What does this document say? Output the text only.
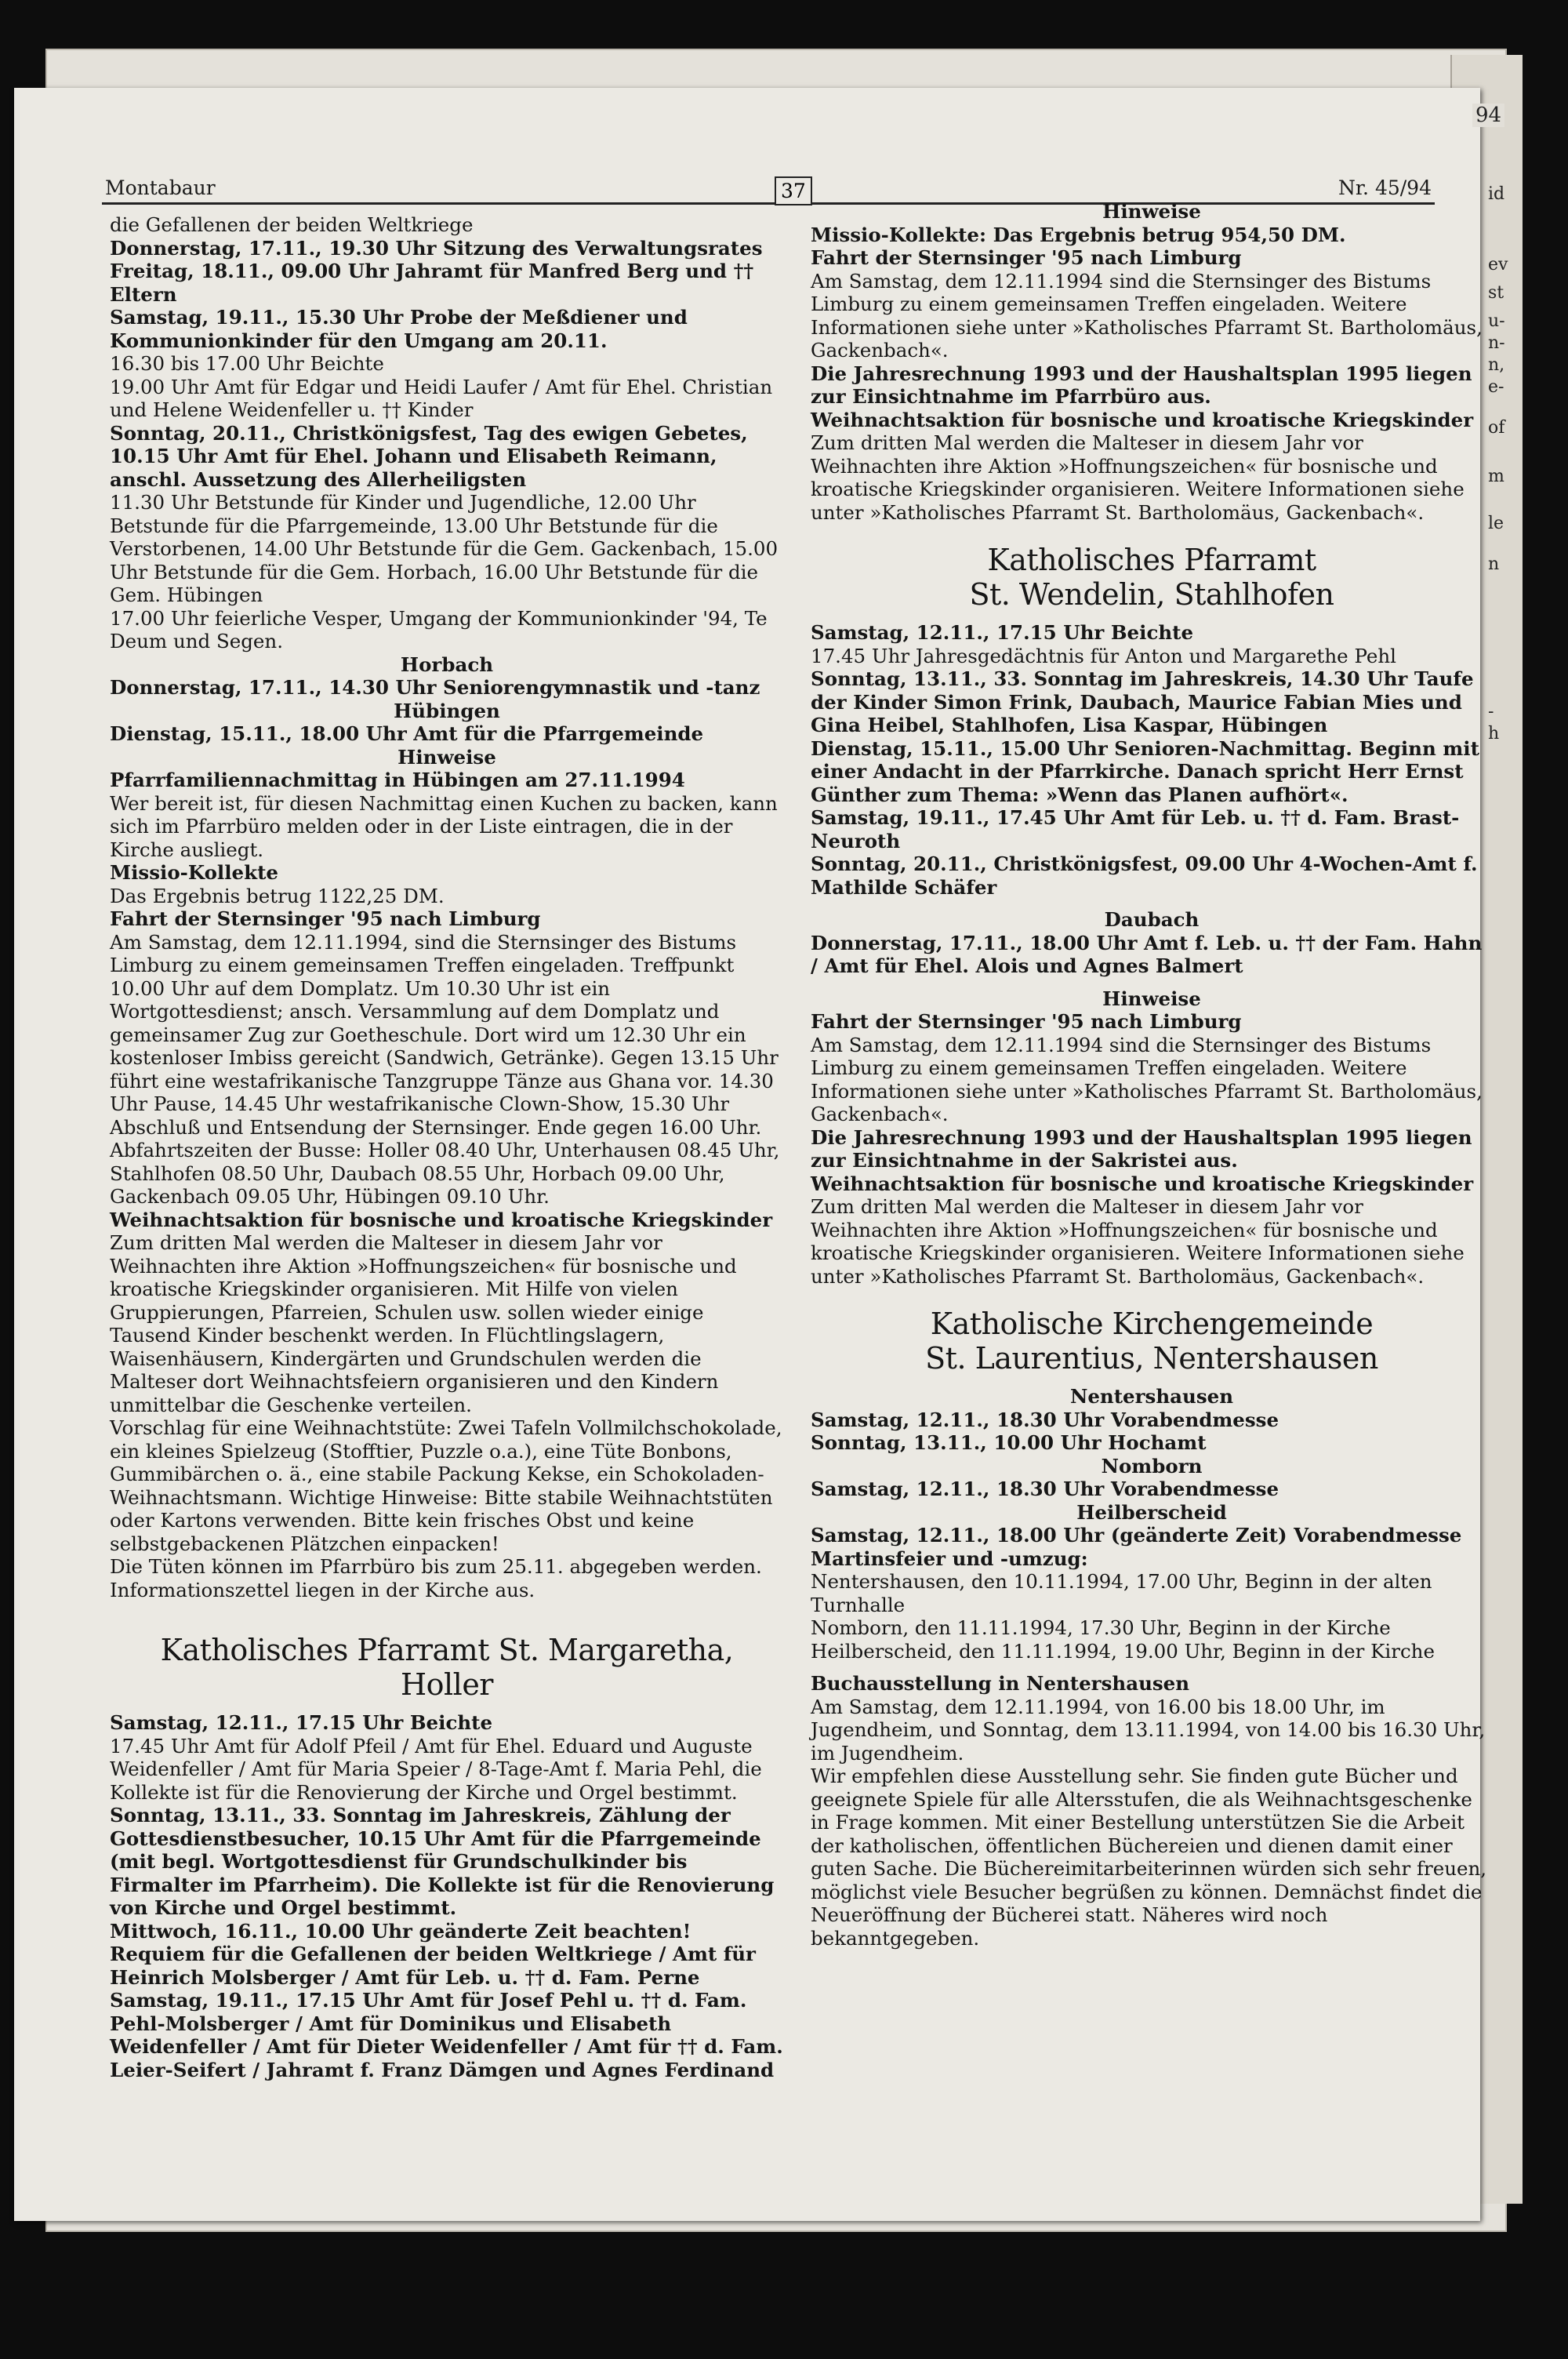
94
id
ev
st
u-
n-
n,
e-
of
m
le
n
-
h
Montabaur	37	Nr. 45/94

die Gefallenen der beiden Weltkriege

Donnerstag, 17.11., 19.30 Uhr Sitzung des Verwaltungsrates

Freitag, 18.11., 09.00 Uhr Jahramt für Manfred Berg und †† Eltern

Samstag, 19.11., 15.30 Uhr Probe der Meßdiener und Kommunionkinder für den Umgang am 20.11.

16.30 bis 17.00 Uhr Beichte

19.00 Uhr Amt für Edgar und Heidi Laufer / Amt für Ehel. Christian und Helene Weidenfeller u. †† Kinder

Sonntag, 20.11., Christkönigsfest, Tag des ewigen Gebetes, 10.15 Uhr Amt für Ehel. Johann und Elisabeth Reimann, anschl. Aussetzung des Allerheiligsten

11.30 Uhr Betstunde für Kinder und Jugendliche, 12.00 Uhr Betstunde für die Pfarrgemeinde, 13.00 Uhr Betstunde für die Verstorbenen, 14.00 Uhr Betstunde für die Gem. Gackenbach, 15.00 Uhr Betstunde für die Gem. Horbach, 16.00 Uhr Betstunde für die Gem. Hübingen

17.00 Uhr feierliche Vesper, Umgang der Kommunionkinder '94, Te Deum und Segen.

Horbach

Donnerstag, 17.11., 14.30 Uhr Seniorengymnastik und -tanz

Hübingen

Dienstag, 15.11., 18.00 Uhr Amt für die Pfarrgemeinde

Hinweise

Pfarrfamiliennachmittag in Hübingen am 27.11.1994

Wer bereit ist, für diesen Nachmittag einen Kuchen zu backen, kann sich im Pfarrbüro melden oder in der Liste eintragen, die in der Kirche ausliegt.

Missio-Kollekte

Das Ergebnis betrug 1122,25 DM.

Fahrt der Sternsinger '95 nach Limburg

Am Samstag, dem 12.11.1994, sind die Sternsinger des Bistums Limburg zu einem gemeinsamen Treffen eingeladen. Treffpunkt 10.00 Uhr auf dem Domplatz. Um 10.30 Uhr ist ein Wortgottesdienst; ansch. Versammlung auf dem Domplatz und gemeinsamer Zug zur Goetheschule. Dort wird um 12.30 Uhr ein kostenloser Imbiss gereicht (Sandwich, Getränke). Gegen 13.15 Uhr führt eine westafrikanische Tanzgruppe Tänze aus Ghana vor. 14.30 Uhr Pause, 14.45 Uhr westafrikanische Clown-Show, 15.30 Uhr Abschluß und Entsendung der Sternsinger. Ende gegen 16.00 Uhr.

Abfahrtszeiten der Busse: Holler 08.40 Uhr, Unterhausen 08.45 Uhr, Stahlhofen 08.50 Uhr, Daubach 08.55 Uhr, Horbach 09.00 Uhr, Gackenbach 09.05 Uhr, Hübingen 09.10 Uhr.

Weihnachtsaktion für bosnische und kroatische Kriegskinder

Zum dritten Mal werden die Malteser in diesem Jahr vor Weihnachten ihre Aktion »Hoffnungszeichen« für bosnische und kroatische Kriegskinder organisieren. Mit Hilfe von vielen Gruppierungen, Pfarreien, Schulen usw. sollen wieder einige Tausend Kinder beschenkt werden. In Flüchtlingslagern, Waisenhäusern, Kindergärten und Grundschulen werden die Malteser dort Weihnachtsfeiern organisieren und den Kindern unmittelbar die Geschenke verteilen.

Vorschlag für eine Weihnachtstüte: Zwei Tafeln Vollmilchschokolade, ein kleines Spielzeug (Stofftier, Puzzle o.a.), eine Tüte Bonbons, Gummibärchen o. ä., eine stabile Packung Kekse, ein Schokoladen-Weihnachtsmann. Wichtige Hinweise: Bitte stabile Weihnachtstüten oder Kartons verwenden. Bitte kein frisches Obst und keine selbstgebackenen Plätzchen einpacken!

Die Tüten können im Pfarrbüro bis zum 25.11. abgegeben werden. Informationszettel liegen in der Kirche aus.

Katholisches Pfarramt St. Margaretha, Holler

Samstag, 12.11., 17.15 Uhr Beichte

17.45 Uhr Amt für Adolf Pfeil / Amt für Ehel. Eduard und Auguste Weidenfeller / Amt für Maria Speier / 8-Tage-Amt f. Maria Pehl, die Kollekte ist für die Renovierung der Kirche und Orgel bestimmt.

Sonntag, 13.11., 33. Sonntag im Jahreskreis, Zählung der Gottesdienstbesucher, 10.15 Uhr Amt für die Pfarrgemeinde (mit begl. Wortgottesdienst für Grundschulkinder bis Firmalter im Pfarrheim). Die Kollekte ist für die Renovierung von Kirche und Orgel bestimmt.

Mittwoch, 16.11., 10.00 Uhr geänderte Zeit beachten! Requiem für die Gefallenen der beiden Weltkriege / Amt für Heinrich Molsberger / Amt für Leb. u. †† d. Fam. Perne

Samstag, 19.11., 17.15 Uhr Amt für Josef Pehl u. †† d. Fam. Pehl-Molsberger / Amt für Dominikus und Elisabeth Weidenfeller / Amt für Dieter Weidenfeller / Amt für †† d. Fam. Leier-Seifert / Jahramt f. Franz Dämgen und Agnes Ferdinand

Hinweise

Missio-Kollekte: Das Ergebnis betrug 954,50 DM.

Fahrt der Sternsinger '95 nach Limburg

Am Samstag, dem 12.11.1994 sind die Sternsinger des Bistums Limburg zu einem gemeinsamen Treffen eingeladen. Weitere Informationen siehe unter »Katholisches Pfarramt St. Bartholomäus, Gackenbach«.

Die Jahresrechnung 1993 und der Haushaltsplan 1995 liegen zur Einsichtnahme im Pfarrbüro aus.

Weihnachtsaktion für bosnische und kroatische Kriegskinder

Zum dritten Mal werden die Malteser in diesem Jahr vor Weihnachten ihre Aktion »Hoffnungszeichen« für bosnische und kroatische Kriegskinder organisieren. Weitere Informationen siehe unter »Katholisches Pfarramt St. Bartholomäus, Gackenbach«.

Katholisches Pfarramt

St. Wendelin, Stahlhofen

Samstag, 12.11., 17.15 Uhr Beichte

17.45 Uhr Jahresgedächtnis für Anton und Margarethe Pehl

Sonntag, 13.11., 33. Sonntag im Jahreskreis, 14.30 Uhr Taufe der Kinder Simon Frink, Daubach, Maurice Fabian Mies und Gina Heibel, Stahlhofen, Lisa Kaspar, Hübingen

Dienstag, 15.11., 15.00 Uhr Senioren-Nachmittag. Beginn mit einer Andacht in der Pfarrkirche. Danach spricht Herr Ernst Günther zum Thema: »Wenn das Planen aufhört«.

Samstag, 19.11., 17.45 Uhr Amt für Leb. u. †† d. Fam. Brast-Neuroth

Sonntag, 20.11., Christkönigsfest, 09.00 Uhr 4-Wochen-Amt f. Mathilde Schäfer

Daubach

Donnerstag, 17.11., 18.00 Uhr Amt f. Leb. u. †† der Fam. Hahn / Amt für Ehel. Alois und Agnes Balmert

Hinweise

Fahrt der Sternsinger '95 nach Limburg

Am Samstag, dem 12.11.1994 sind die Sternsinger des Bistums Limburg zu einem gemeinsamen Treffen eingeladen. Weitere Informationen siehe unter »Katholisches Pfarramt St. Bartholomäus, Gackenbach«.

Die Jahresrechnung 1993 und der Haushaltsplan 1995 liegen zur Einsichtnahme in der Sakristei aus.

Weihnachtsaktion für bosnische und kroatische Kriegskinder

Zum dritten Mal werden die Malteser in diesem Jahr vor Weihnachten ihre Aktion »Hoffnungszeichen« für bosnische und kroatische Kriegskinder organisieren. Weitere Informationen siehe unter »Katholisches Pfarramt St. Bartholomäus, Gackenbach«.

Katholische Kirchengemeinde

St. Laurentius, Nentershausen

Nentershausen

Samstag, 12.11., 18.30 Uhr Vorabendmesse

Sonntag, 13.11., 10.00 Uhr Hochamt

Nomborn

Samstag, 12.11., 18.30 Uhr Vorabendmesse

Heilberscheid

Samstag, 12.11., 18.00 Uhr (geänderte Zeit) Vorabendmesse

Martinsfeier und -umzug:

Nentershausen, den 10.11.1994, 17.00 Uhr, Beginn in der alten Turnhalle

Nomborn, den 11.11.1994, 17.30 Uhr, Beginn in der Kirche

Heilberscheid, den 11.11.1994, 19.00 Uhr, Beginn in der Kirche

Buchausstellung in Nentershausen

Am Samstag, dem 12.11.1994, von 16.00 bis 18.00 Uhr, im Jugendheim, und Sonntag, dem 13.11.1994, von 14.00 bis 16.30 Uhr, im Jugendheim.

Wir empfehlen diese Ausstellung sehr. Sie finden gute Bücher und geeignete Spiele für alle Altersstufen, die als Weihnachtsgeschenke in Frage kommen. Mit einer Bestellung unterstützen Sie die Arbeit der katholischen, öffentlichen Büchereien und dienen damit einer guten Sache. Die Büchereimitarbeiterinnen würden sich sehr freuen, möglichst viele Besucher begrüßen zu können. Demnächst findet die Neueröffnung der Bücherei statt. Näheres wird noch bekanntgegeben.
